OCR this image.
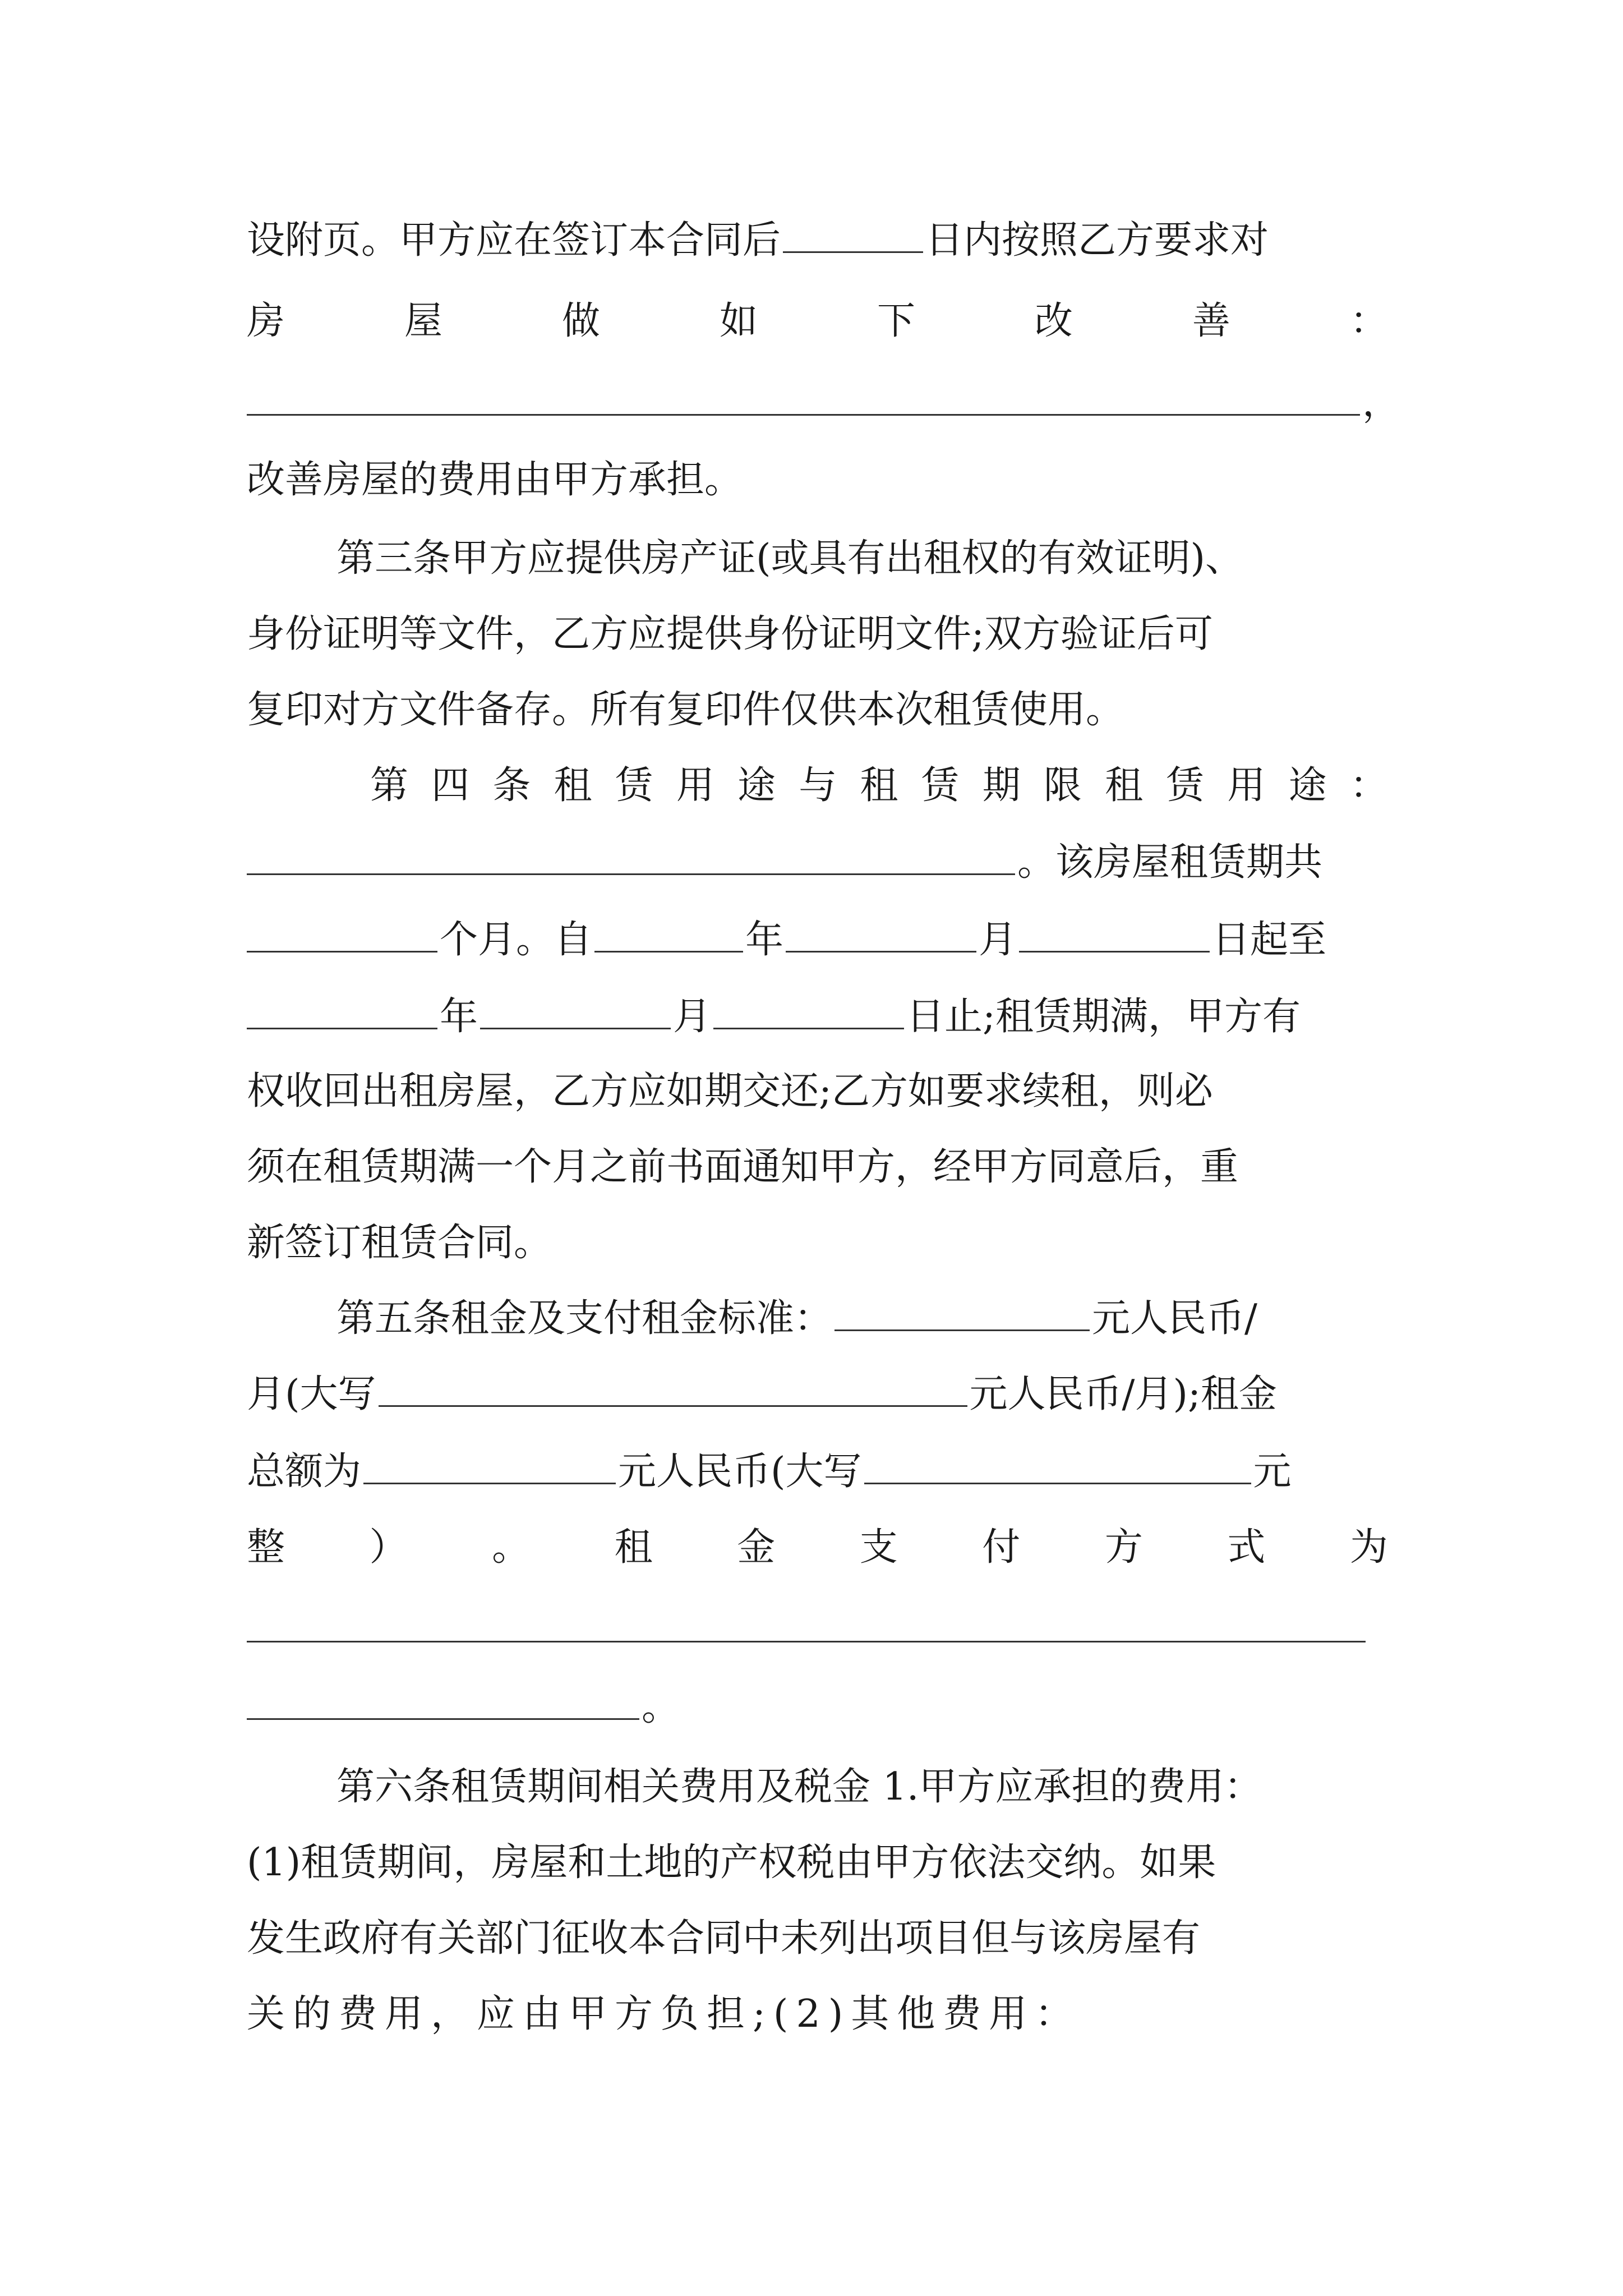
设附页。甲方应在签订本合同后	日内按照乙方要求对
房	屋	做	如	下	改	善	：
，
改善房屋的费用由甲方承担。
第三条甲方应提供房产证(或具有出租权的有效证明)、
身份证明等文件，乙方应提供身份证明文件;双方验证后可
复印对方文件备存。所有复印件仅供本次租赁使用。
第 四 条 租 赁 用 途 与 租 赁 期 限 租 赁 用 途 ：
。该房屋租赁期共
个月。自	年	月	日起至
年	月	日止;租赁期满，甲方有
权收回出租房屋，乙方应如期交还;乙方如要求续租，则必
须在租赁期满一个月之前书面通知甲方，经甲方同意后，重
新签订租赁合同。
第五条租金及支付租金标准：	元人民币/
月(大写	元人民币/月);租金
总额为	元人民币(大写	元
整 ） 。 租 金 支 付 方 式 为
。
第六条租赁期间相关费用及税金 1.甲方应承担的费用：
(1)租赁期间，房屋和土地的产权税由甲方依法交纳。如果
发生政府有关部门征收本合同中未列出项目但与该房屋有
关的费用，应由甲方负担;(2)其他费用：
